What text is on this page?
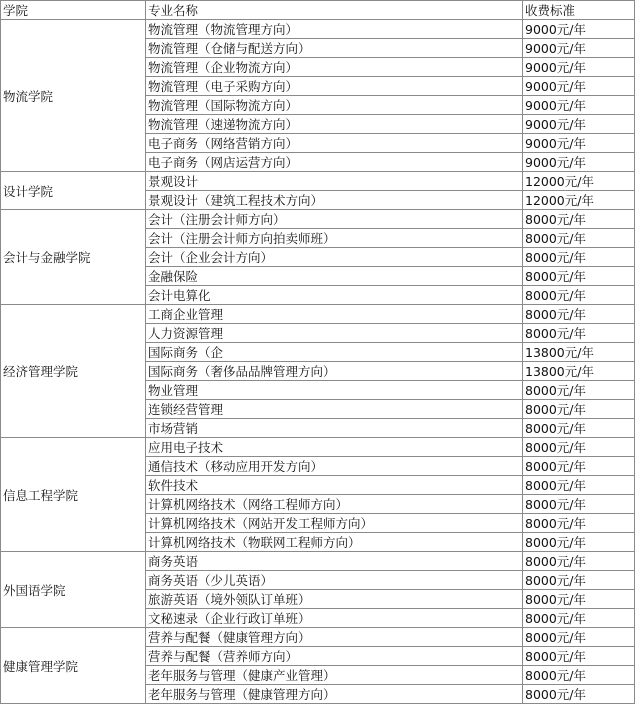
学院	专业名称	收费标准
物流学院	物流管理（物流管理方向）	9000元/年
	物流管理（仓储与配送方向）	9000元/年
	物流管理（企业物流方向）	9000元/年
	物流管理（电子采购方向）	9000元/年
	物流管理（国际物流方向）	9000元/年
	物流管理（速递物流方向）	9000元/年
	电子商务（网络营销方向）	9000元/年
	电子商务（网店运营方向）	9000元/年
设计学院	景观设计	12000元/年
	景观设计（建筑工程技术方向）	12000元/年
会计与金融学院	会计（注册会计师方向）	8000元/年
	会计（注册会计师方向拍卖师班）	8000元/年
	会计（企业会计方向）	8000元/年
	金融保险	8000元/年
	会计电算化	8000元/年
经济管理学院	工商企业管理	8000元/年
	人力资源管理	8000元/年
	国际商务（企	13800元/年
	国际商务（奢侈品品牌管理方向）	13800元/年
	物业管理	8000元/年
	连锁经营管理	8000元/年
	市场营销	8000元/年
信息工程学院	应用电子技术	8000元/年
	通信技术（移动应用开发方向）	8000元/年
	软件技术	8000元/年
	计算机网络技术（网络工程师方向）	8000元/年
	计算机网络技术（网站开发工程师方向）	8000元/年
	计算机网络技术（物联网工程师方向）	8000元/年
外国语学院	商务英语	8000元/年
	商务英语（少儿英语）	8000元/年
	旅游英语（境外领队订单班）	8000元/年
	文秘速录（企业行政订单班）	8000元/年
健康管理学院	营养与配餐（健康管理方向）	8000元/年
	营养与配餐（营养师方向）	8000元/年
	老年服务与管理（健康产业管理）	8000元/年
	老年服务与管理（健康管理方向）	8000元/年
